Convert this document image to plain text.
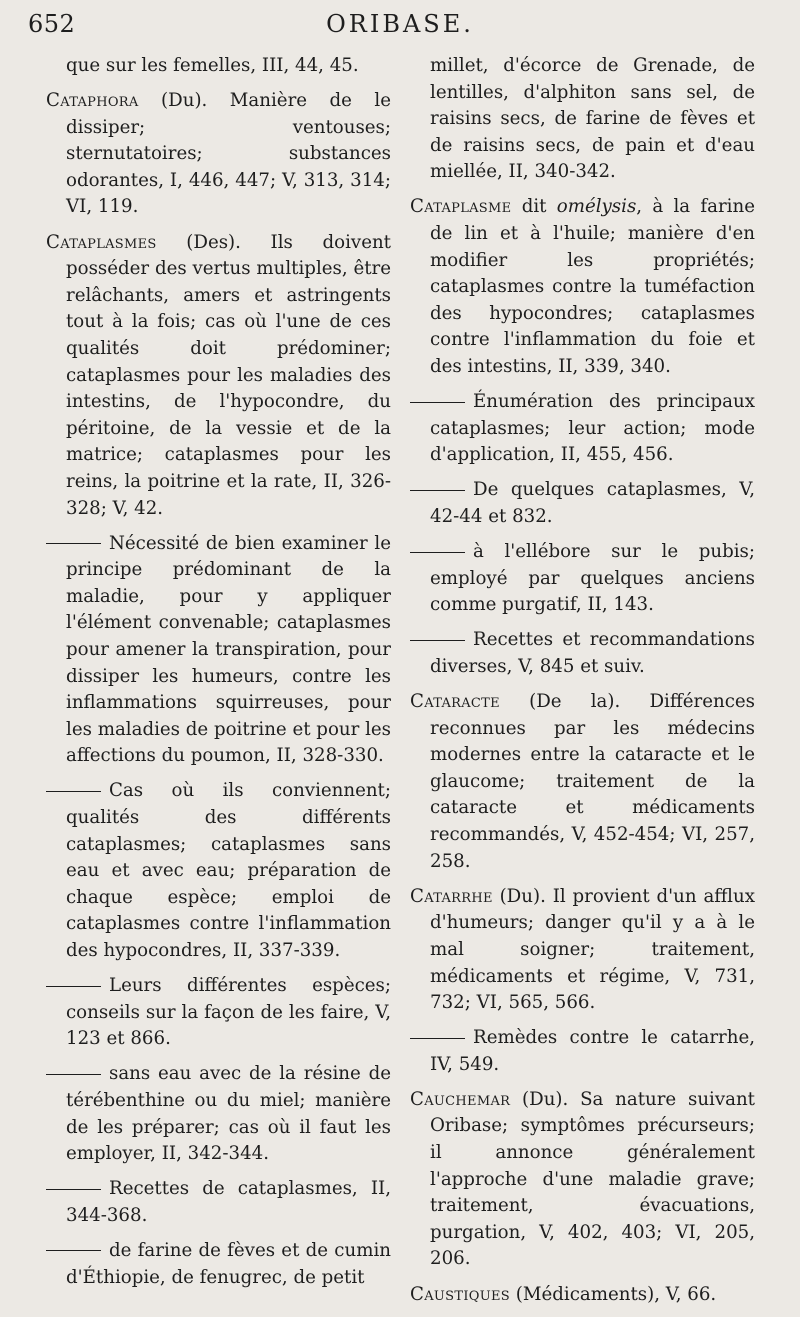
652	ORIBASE.

que sur les femelles, III, 44, 45.

Cataphora (Du). Manière de le dissiper; ventouses; sternutatoires; substances odorantes, I, 446, 447; V, 313, 314; VI, 119.

Cataplasmes (Des). Ils doivent posséder des vertus multiples, être relâchants, amers et astringents tout à la fois; cas où l'une de ces qualités doit prédominer; cataplasmes pour les maladies des intestins, de l'hypocondre, du péritoine, de la vessie et de la matrice; cataplasmes pour les reins, la poitrine et la rate, II, 326-328; V, 42.

Nécessité de bien examiner le principe prédominant de la maladie, pour y appliquer l'élément convenable; cataplasmes pour amener la transpiration, pour dissiper les humeurs, contre les inflammations squirreuses, pour les maladies de poitrine et pour les affections du poumon, II, 328-330.

Cas où ils conviennent; qualités des différents cataplasmes; cataplasmes sans eau et avec eau; préparation de chaque espèce; emploi de cataplasmes contre l'inflammation des hypocondres, II, 337-339.

Leurs différentes espèces; conseils sur la façon de les faire, V, 123 et 866.

sans eau avec de la résine de térébenthine ou du miel; manière de les préparer; cas où il faut les employer, II, 342-344.

Recettes de cataplasmes, II, 344-368.

de farine de fèves et de cumin d'Éthiopie, de fenugrec, de petit

millet, d'écorce de Grenade, de lentilles, d'alphiton sans sel, de raisins secs, de farine de fèves et de raisins secs, de pain et d'eau miellée, II, 340-342.

Cataplasme dit omélysis, à la farine de lin et à l'huile; manière d'en modifier les propriétés; cataplasmes contre la tuméfaction des hypocondres; cataplasmes contre l'inflammation du foie et des intestins, II, 339, 340.

Énumération des principaux cataplasmes; leur action; mode d'application, II, 455, 456.

De quelques cataplasmes, V, 42-44 et 832.

à l'ellébore sur le pubis; employé par quelques anciens comme purgatif, II, 143.

Recettes et recommandations diverses, V, 845 et suiv.

Cataracte (De la). Différences reconnues par les médecins modernes entre la cataracte et le glaucome; traitement de la cataracte et médicaments recommandés, V, 452-454; VI, 257, 258.

Catarrhe (Du). Il provient d'un afflux d'humeurs; danger qu'il y a à le mal soigner; traitement, médicaments et régime, V, 731, 732; VI, 565, 566.

Remèdes contre le catarrhe, IV, 549.

Cauchemar (Du). Sa nature suivant Oribase; symptômes précurseurs; il annonce généralement l'approche d'une maladie grave; traitement, évacuations, purgation, V, 402, 403; VI, 205, 206.

Caustiques (Médicaments), V, 66.
